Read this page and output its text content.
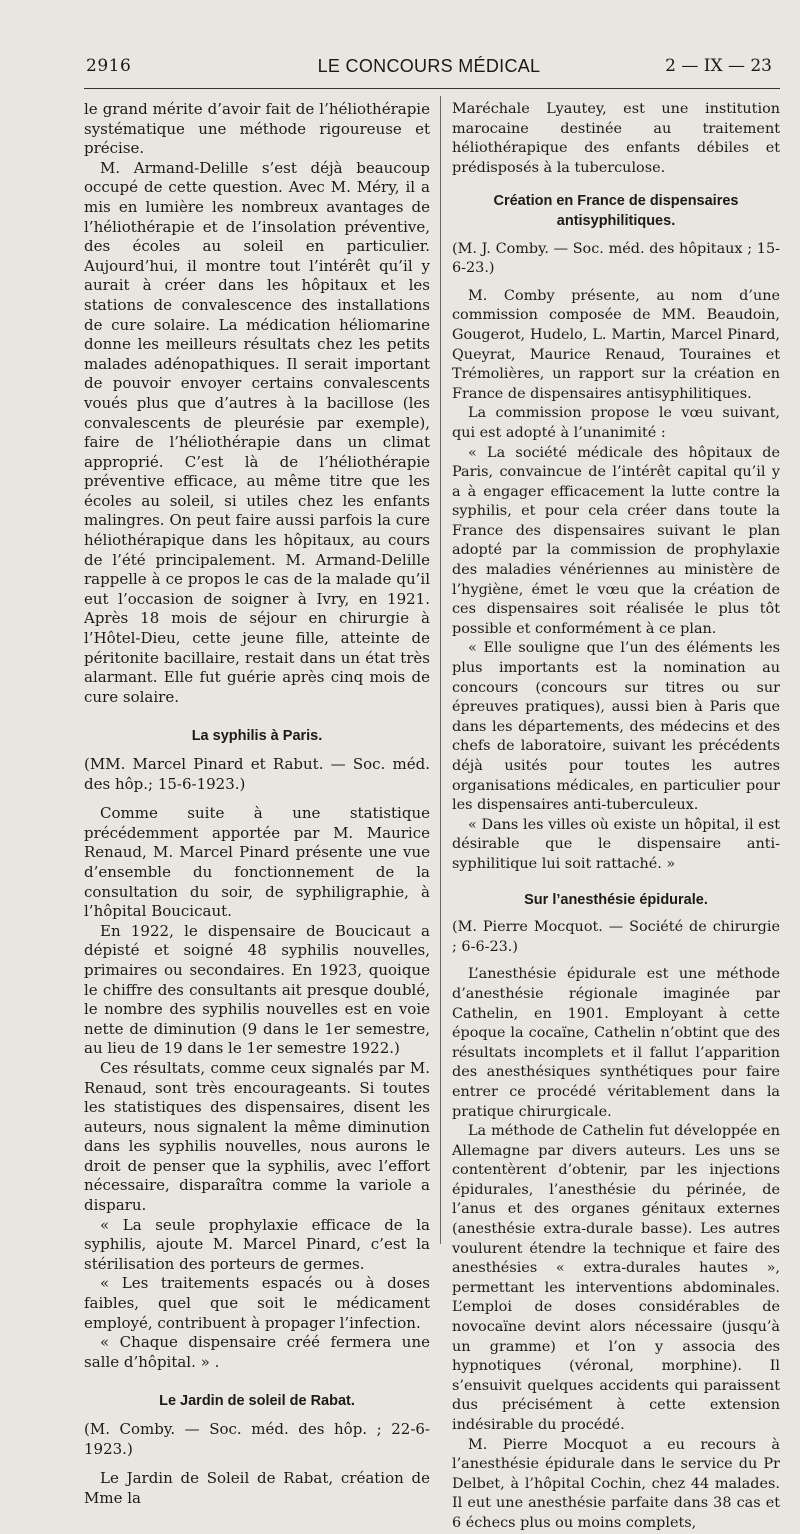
2916	LE CONCOURS MÉDICAL	2 — IX — 23

le grand mérite d’avoir fait de l’héliothérapie systématique une méthode rigoureuse et précise.

M. Armand-Delille s’est déjà beaucoup occupé de cette question. Avec M. Méry, il a mis en lumière les nombreux avantages de l’héliothérapie et de l’insolation préventive, des écoles au soleil en particulier. Aujourd’hui, il montre tout l’intérêt qu’il y aurait à créer dans les hôpitaux et les stations de convalescence des installations de cure solaire. La médication héliomarine donne les meilleurs résultats chez les petits malades adénopathiques. Il serait important de pouvoir envoyer certains convalescents voués plus que d’autres à la bacillose (les convalescents de pleurésie par exemple), faire de l’héliothérapie dans un climat approprié. C’est là de l’héliothérapie préventive efficace, au même titre que les écoles au soleil, si utiles chez les enfants malingres. On peut faire aussi parfois la cure héliothérapique dans les hôpitaux, au cours de l’été principalement. M. Armand-Delille rappelle à ce propos le cas de la malade qu’il eut l’occasion de soigner à Ivry, en 1921. Après 18 mois de séjour en chirurgie à l’Hôtel-Dieu, cette jeune fille, atteinte de péritonite bacillaire, restait dans un état très alarmant. Elle fut guérie après cinq mois de cure solaire.

La syphilis à Paris.

(MM. Marcel Pinard et Rabut. — Soc. méd. des hôp.; 15-6-1923.)

Comme suite à une statistique précédemment apportée par M. Maurice Renaud, M. Marcel Pinard présente une vue d’ensemble du fonctionnement de la consultation du soir, de syphiligraphie, à l’hôpital Boucicaut.

En 1922, le dispensaire de Boucicaut a dépisté et soigné 48 syphilis nouvelles, primaires ou secondaires. En 1923, quoique le chiffre des consultants ait presque doublé, le nombre des syphilis nouvelles est en voie nette de diminution (9 dans le 1er semestre, au lieu de 19 dans le 1er semestre 1922.)

Ces résultats, comme ceux signalés par M. Renaud, sont très encourageants. Si toutes les statistiques des dispensaires, disent les auteurs, nous signalent la même diminution dans les syphilis nouvelles, nous aurons le droit de penser que la syphilis, avec l’effort nécessaire, disparaîtra comme la variole a disparu.

« La seule prophylaxie efficace de la syphilis, ajoute M. Marcel Pinard, c’est la stérilisation des porteurs de germes.

« Les traitements espacés ou à doses faibles, quel que soit le médicament employé, contribuent à propager l’infection.

« Chaque dispensaire créé fermera une salle d’hôpital. » .

Le Jardin de soleil de Rabat.

(M. Comby. — Soc. méd. des hôp. ; 22-6-1923.)

Le Jardin de Soleil de Rabat, création de Mme la

Maréchale Lyautey, est une institution marocaine destinée au traitement héliothérapique des enfants débiles et prédisposés à la tuberculose.

Création en France de dispensaires antisyphilitiques.

(M. J. Comby. — Soc. méd. des hôpitaux ; 15-6-23.)

M. Comby présente, au nom d’une commission composée de MM. Beaudoin, Gougerot, Hudelo, L. Martin, Marcel Pinard, Queyrat, Maurice Renaud, Touraines et Trémolières, un rapport sur la création en France de dispensaires antisyphilitiques.

La commission propose le vœu suivant, qui est adopté à l’unanimité :

« La société médicale des hôpitaux de Paris, convaincue de l’intérêt capital qu’il y a à engager efficacement la lutte contre la syphilis, et pour cela créer dans toute la France des dispensaires suivant le plan adopté par la commission de prophylaxie des maladies vénériennes au ministère de l’hygiène, émet le vœu que la création de ces dispensaires soit réalisée le plus tôt possible et conformément à ce plan.

« Elle souligne que l’un des éléments les plus importants est la nomination au concours (concours sur titres ou sur épreuves pratiques), aussi bien à Paris que dans les départements, des médecins et des chefs de laboratoire, suivant les précédents déjà usités pour toutes les autres organisations médicales, en particulier pour les dispensaires anti-tuberculeux.

« Dans les villes où existe un hôpital, il est désirable que le dispensaire anti-syphilitique lui soit rattaché. »

Sur l’anesthésie épidurale.

(M. Pierre Mocquot. — Société de chirurgie ; 6-6-23.)

L’anesthésie épidurale est une méthode d’anesthésie régionale imaginée par Cathelin, en 1901. Employant à cette époque la cocaïne, Cathelin n’obtint que des résultats incomplets et il fallut l’apparition des anesthésiques synthétiques pour faire entrer ce procédé véritablement dans la pratique chirurgicale.

La méthode de Cathelin fut développée en Allemagne par divers auteurs. Les uns se contentèrent d’obtenir, par les injections épidurales, l’anesthésie du périnée, de l’anus et des organes génitaux externes (anesthésie extra-durale basse). Les autres voulurent étendre la technique et faire des anesthésies « extra-durales hautes », permettant les interventions abdominales. L’emploi de doses considérables de novocaïne devint alors nécessaire (jusqu’à un gramme) et l’on y associa des hypnotiques (véronal, morphine). Il s’ensuivit quelques accidents qui paraissent dus précisément à cette extension indésirable du procédé.

M. Pierre Mocquot a eu recours à l’anesthésie épidurale dans le service du Pr Delbet, à l’hôpital Cochin, chez 44 malades. Il eut une anesthésie parfaite dans 38 cas et 6 échecs plus ou moins complets,
